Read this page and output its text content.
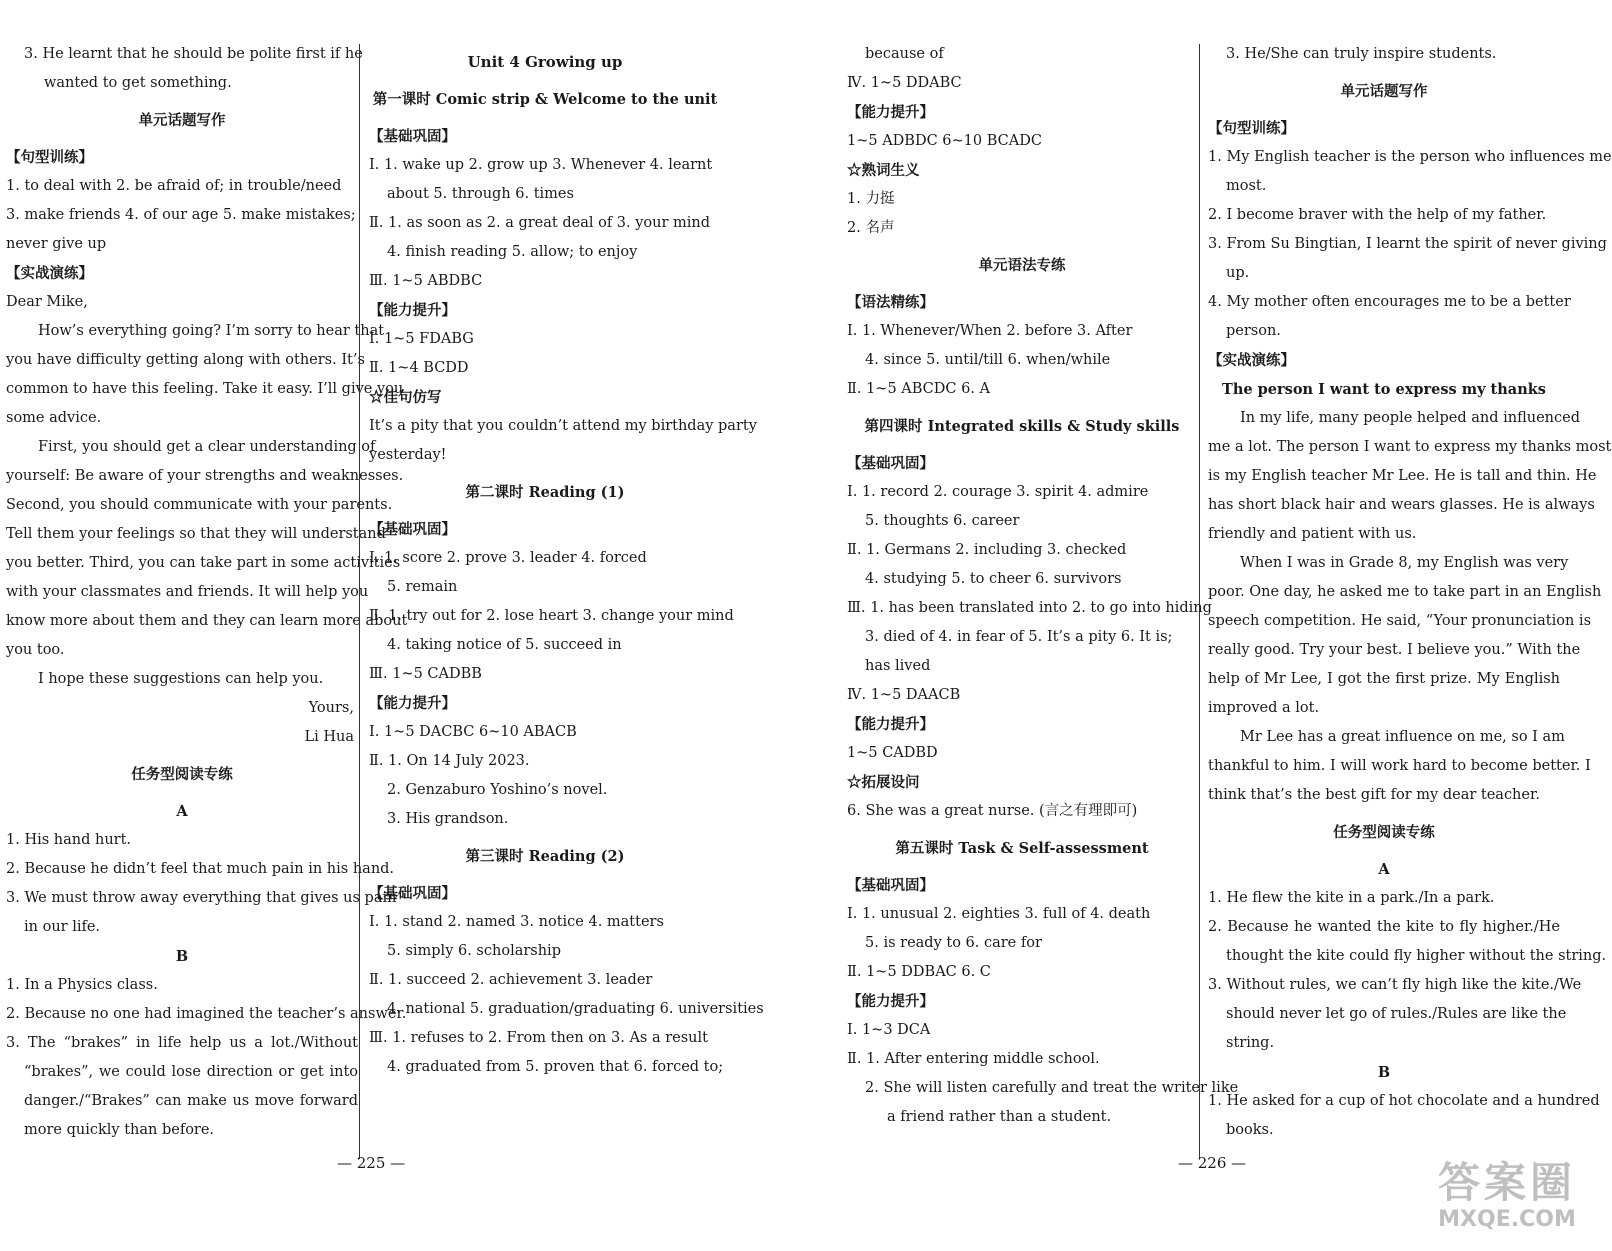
3. He learnt that he should be polite first if he
wanted to get something.
单元话题写作
【句型训练】
1. to deal with 2. be afraid of; in trouble/need
3. make friends 4. of our age 5. make mistakes;
never give up
【实战演练】
Dear Mike,
How’s everything going? I’m sorry to hear that
you have difficulty getting along with others. It’s
common to have this feeling. Take it easy. I’ll give you
some advice.
First, you should get a clear understanding of
yourself: Be aware of your strengths and weaknesses.
Second, you should communicate with your parents.
Tell them your feelings so that they will understand
you better. Third, you can take part in some activities
with your classmates and friends. It will help you
know more about them and they can learn more about
you too.
I hope these suggestions can help you.
Yours,
Li Hua
任务型阅读专练
A
1. His hand hurt.
2. Because he didn’t feel that much pain in his hand.
3. We must throw away everything that gives us pain
in our life.
B
1. In a Physics class.
2. Because no one had imagined the teacher’s answer.
3. The “brakes” in life help us a lot./Without
“brakes”, we could lose direction or get into
danger./“Brakes” can make us move forward
more quickly than before.
Unit 4 Growing up
第一课时 Comic strip & Welcome to the unit
【基础巩固】
Ⅰ. 1. wake up 2. grow up 3. Whenever 4. learnt
about 5. through 6. times
Ⅱ. 1. as soon as 2. a great deal of 3. your mind
4. finish reading 5. allow; to enjoy
Ⅲ. 1~5 ABDBC
【能力提升】
Ⅰ. 1~5 FDABG
Ⅱ. 1~4 BCDD
☆佳句仿写
It’s a pity that you couldn’t attend my birthday party
yesterday!
第二课时 Reading (1)
【基础巩固】
Ⅰ. 1. score 2. prove 3. leader 4. forced
5. remain
Ⅱ. 1. try out for 2. lose heart 3. change your mind
4. taking notice of 5. succeed in
Ⅲ. 1~5 CADBB
【能力提升】
Ⅰ. 1~5 DACBC 6~10 ABACB
Ⅱ. 1. On 14 July 2023.
2. Genzaburo Yoshino’s novel.
3. His grandson.
第三课时 Reading (2)
【基础巩固】
Ⅰ. 1. stand 2. named 3. notice 4. matters
5. simply 6. scholarship
Ⅱ. 1. succeed 2. achievement 3. leader
4. national 5. graduation/graduating 6. universities
Ⅲ. 1. refuses to 2. From then on 3. As a result
4. graduated from 5. proven that 6. forced to;
because of
Ⅳ. 1~5 DDABC
【能力提升】
1~5 ADBDC 6~10 BCADC
☆熟词生义
1. 力挺
2. 名声
单元语法专练
【语法精练】
Ⅰ. 1. Whenever/When 2. before 3. After
4. since 5. until/till 6. when/while
Ⅱ. 1~5 ABCDC 6. A
第四课时 Integrated skills & Study skills
【基础巩固】
Ⅰ. 1. record 2. courage 3. spirit 4. admire
5. thoughts 6. career
Ⅱ. 1. Germans 2. including 3. checked
4. studying 5. to cheer 6. survivors
Ⅲ. 1. has been translated into 2. to go into hiding
3. died of 4. in fear of 5. It’s a pity 6. It is;
has lived
Ⅳ. 1~5 DAACB
【能力提升】
1~5 CADBD
☆拓展设问
6. She was a great nurse. (言之有理即可)
第五课时 Task & Self-assessment
【基础巩固】
Ⅰ. 1. unusual 2. eighties 3. full of 4. death
5. is ready to 6. care for
Ⅱ. 1~5 DDBAC 6. C
【能力提升】
Ⅰ. 1~3 DCA
Ⅱ. 1. After entering middle school.
2. She will listen carefully and treat the writer like
a friend rather than a student.
3. He/She can truly inspire students.
单元话题写作
【句型训练】
1. My English teacher is the person who influences me
most.
2. I become braver with the help of my father.
3. From Su Bingtian, I learnt the spirit of never giving
up.
4. My mother often encourages me to be a better
person.
【实战演练】
The person I want to express my thanks
In my life, many people helped and influenced
me a lot. The person I want to express my thanks most
is my English teacher Mr Lee. He is tall and thin. He
has short black hair and wears glasses. He is always
friendly and patient with us.
When I was in Grade 8, my English was very
poor. One day, he asked me to take part in an English
speech competition. He said, “Your pronunciation is
really good. Try your best. I believe you.” With the
help of Mr Lee, I got the first prize. My English
improved a lot.
Mr Lee has a great influence on me, so I am
thankful to him. I will work hard to become better. I
think that’s the best gift for my dear teacher.
任务型阅读专练
A
1. He flew the kite in a park./In a park.
2. Because he wanted the kite to fly higher./He
thought the kite could fly higher without the string.
3. Without rules, we can’t fly high like the kite./We
should never let go of rules./Rules are like the
string.
B
1. He asked for a cup of hot chocolate and a hundred
books.
— 225 —	— 226 —	答案圈
MXQE.COM
